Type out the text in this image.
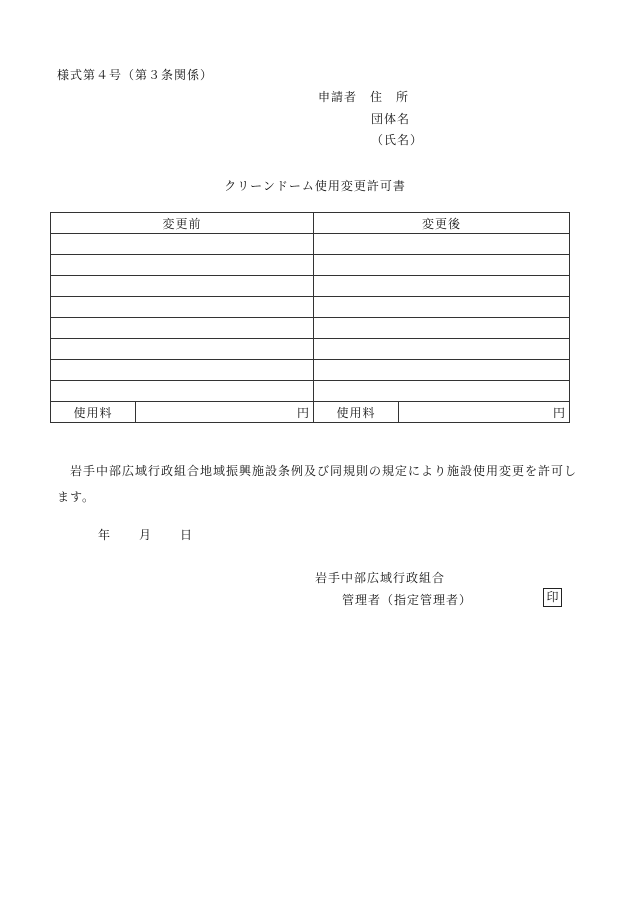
様式第４号（第３条関係）
申請者 住　所
団体名
（氏名）
クリーンドーム使用変更許可書
変更前		変更後	

使用料	円	使用料	円
岩手中部広域行政組合地域振興施設条例及び同規則の規定により施設使用変更を許可します。
年 月 日
岩手中部広域行政組合
管理者（指定管理者）	印
